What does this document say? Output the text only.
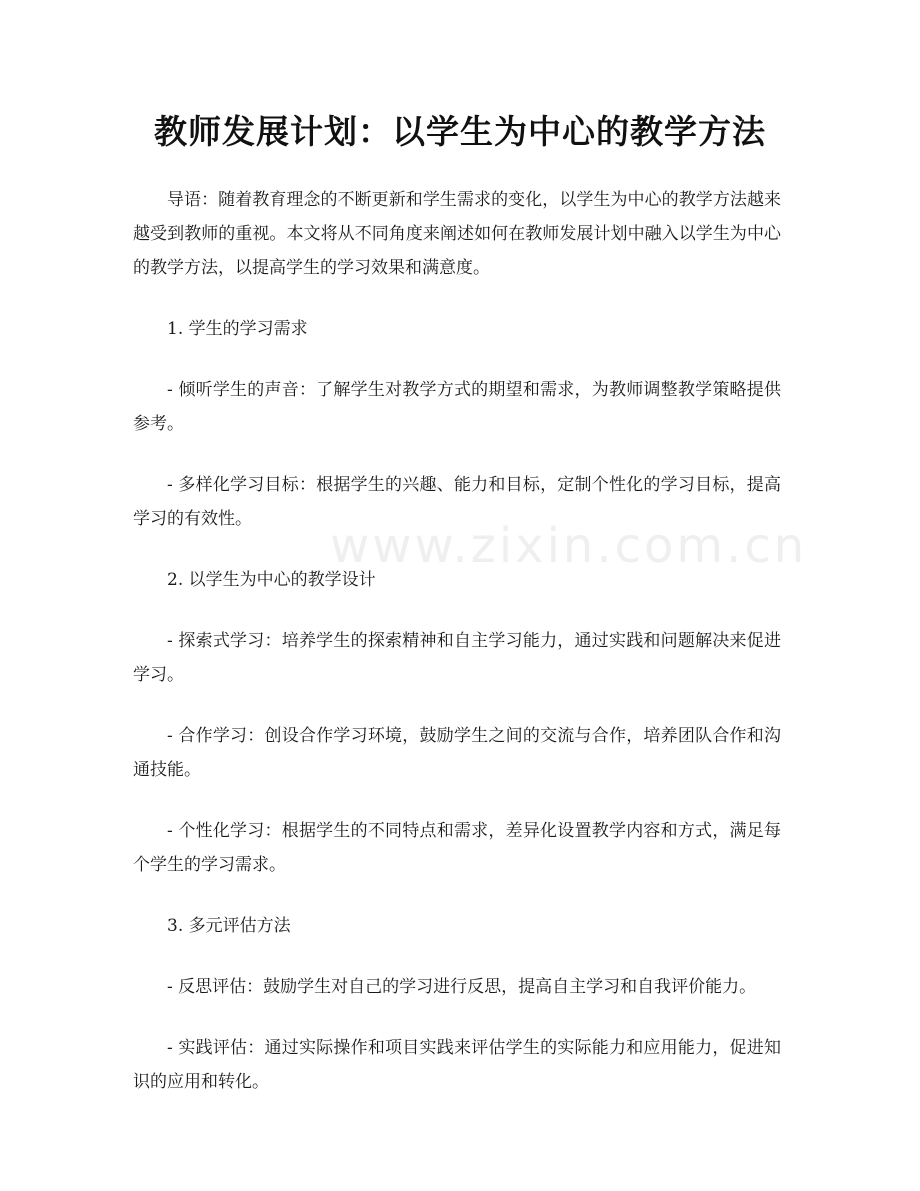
www.zixin.com.cn
教师发展计划：以学生为中心的教学方法

导语：随着教育理念的不断更新和学生需求的变化，以学生为中心的教学方法越来越受到教师的重视。本文将从不同角度来阐述如何在教师发展计划中融入以学生为中心的教学方法，以提高学生的学习效果和满意度。

1. 学生的学习需求

- 倾听学生的声音：了解学生对教学方式的期望和需求，为教师调整教学策略提供参考。

- 多样化学习目标：根据学生的兴趣、能力和目标，定制个性化的学习目标，提高学习的有效性。

2. 以学生为中心的教学设计

- 探索式学习：培养学生的探索精神和自主学习能力，通过实践和问题解决来促进学习。

- 合作学习：创设合作学习环境，鼓励学生之间的交流与合作，培养团队合作和沟通技能。

- 个性化学习：根据学生的不同特点和需求，差异化设置教学内容和方式，满足每个学生的学习需求。

3. 多元评估方法

- 反思评估：鼓励学生对自己的学习进行反思，提高自主学习和自我评价能力。

- 实践评估：通过实际操作和项目实践来评估学生的实际能力和应用能力，促进知识的应用和转化。
